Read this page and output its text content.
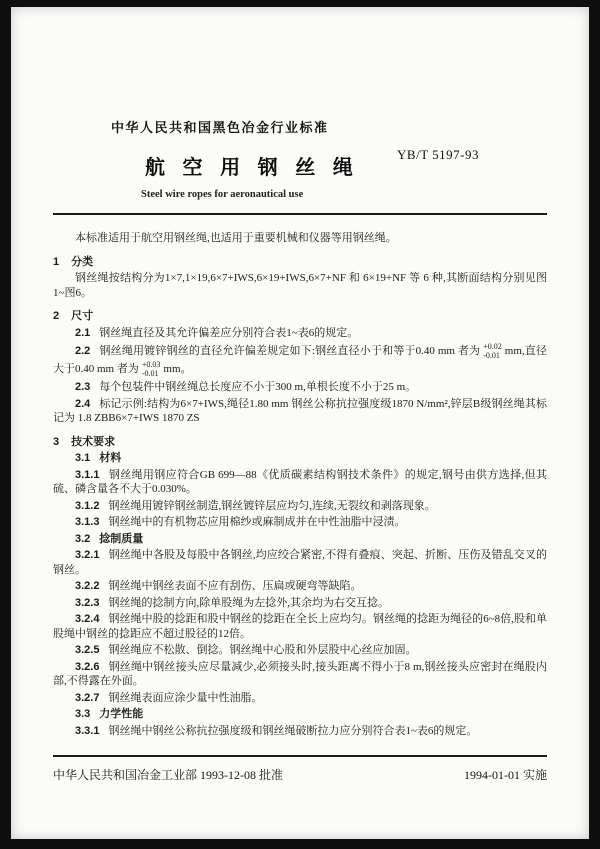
中华人民共和国黑色冶金行业标准
YB/T 5197-93
航 空 用 钢 丝 绳
Steel wire ropes for aeronautical use

本标准适用于航空用钢丝绳,也适用于重要机械和仪器等用钢丝绳。

1 分类

钢丝绳按结构分为1×7,1×19,6×7+IWS,6×19+IWS,6×7+NF 和 6×19+NF 等 6 种,其断面结构分别见图1~图6。

2 尺寸

2.1 钢丝绳直径及其允许偏差应分别符合表1~表6的规定。

2.2 钢丝绳用镀锌钢丝的直径允许偏差规定如下:钢丝直径小于和等于0.40 mm 者为 +0.02
-0.01 mm,直径大于0.40 mm 者为 +0.03
-0.01 mm。

2.3 每个包装件中钢丝绳总长度应不小于300 m,单根长度不小于25 m。

2.4 标记示例:结构为6×7+IWS,绳径1.80 mm 钢丝公称抗拉强度级1870 N/mm²,锌层B级钢丝绳其标记为 1.8 ZBB6×7+IWS 1870 ZS

3 技术要求

3.1 材料

3.1.1 钢丝绳用钢应符合GB 699—88《优质碳素结构钢技术条件》的规定,钢号由供方选择,但其硫、磷含量各不大于0.030%。

3.1.2 钢丝绳用镀锌钢丝制造,钢丝镀锌层应均匀,连续,无裂纹和剥落现象。

3.1.3 钢丝绳中的有机物芯应用棉纱或麻制成并在中性油脂中浸渍。

3.2 捻制质量

3.2.1 钢丝绳中各股及每股中各钢丝,均应绞合紧密,不得有叠痕、突起、折断、压伤及错乱交叉的钢丝。

3.2.2 钢丝绳中钢丝表面不应有刮伤、压扁或硬弯等缺陷。

3.2.3 钢丝绳的捻制方向,除单股绳为左捻外,其余均为右交互捻。

3.2.4 钢丝绳中股的捻距和股中钢丝的捻距在全长上应均匀。钢丝绳的捻距为绳径的6~8倍,股和单股绳中钢丝的捻距应不超过股径的12倍。

3.2.5 钢丝绳应不松散、倒捻。钢丝绳中心股和外层股中心丝应加固。

3.2.6 钢丝绳中钢丝接头应尽量减少,必须接头时,接头距离不得小于8 m,钢丝接头应密封在绳股内部,不得露在外面。

3.2.7 钢丝绳表面应涂少量中性油脂。

3.3 力学性能

3.3.1 钢丝绳中钢丝公称抗拉强度级和钢丝绳破断拉力应分别符合表1~表6的规定。

中华人民共和国冶金工业部 1993-12-08 批准	1994-01-01 实施
